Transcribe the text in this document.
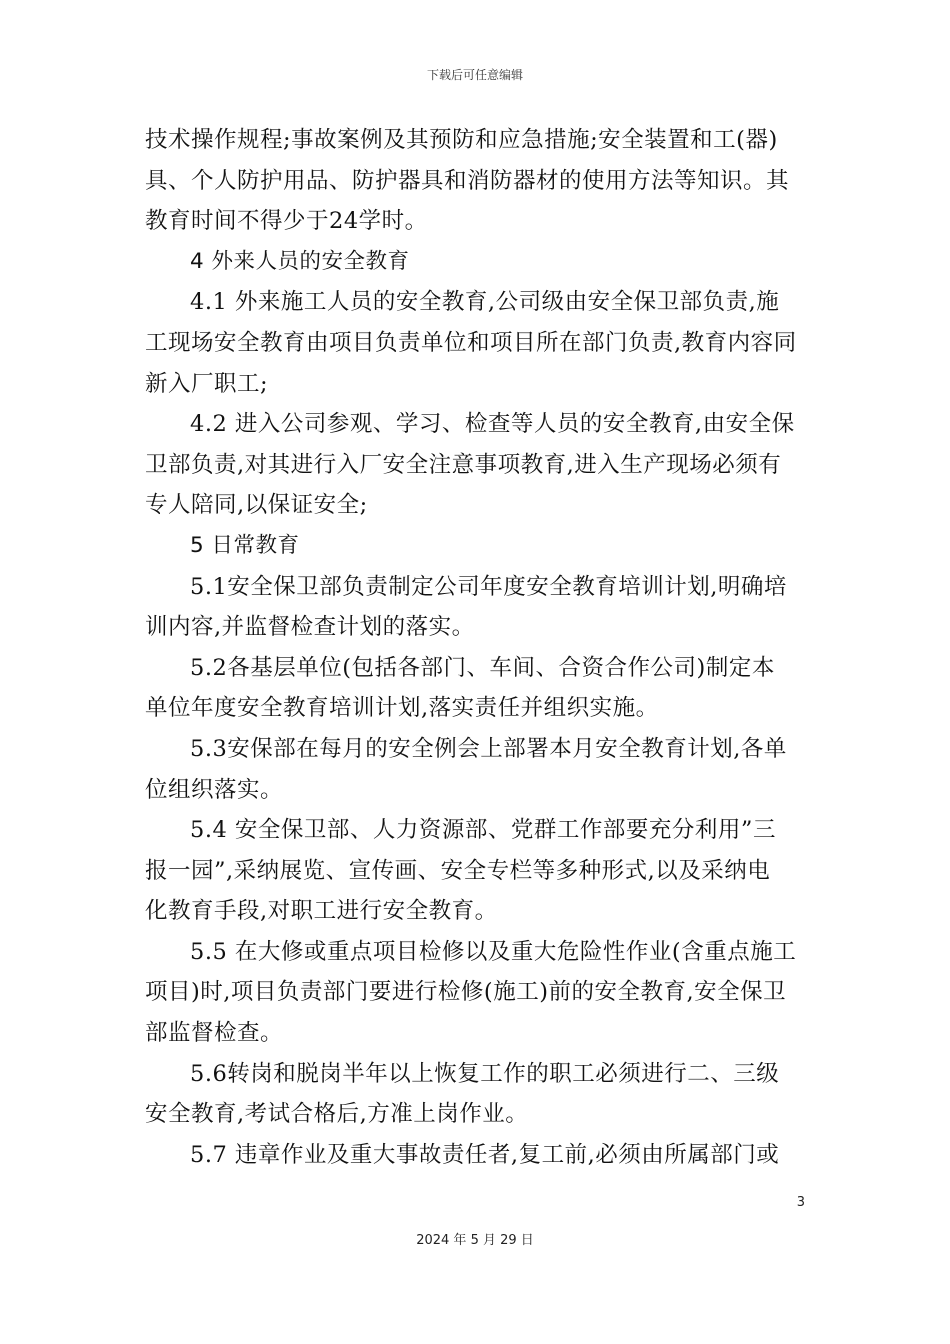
下载后可任意编辑
技术操作规程;事故案例及其预防和应急措施;安全装置和工(器)
具、个人防护用品、防护器具和消防器材的使用方法等知识。其
教育时间不得少于24学时。
4 外来人员的安全教育
4.1 外来施工人员的安全教育,公司级由安全保卫部负责,施
工现场安全教育由项目负责单位和项目所在部门负责,教育内容同
新入厂职工;
4.2 进入公司参观、学习、检查等人员的安全教育,由安全保
卫部负责,对其进行入厂安全注意事项教育,进入生产现场必须有
专人陪同,以保证安全;
5 日常教育
5.1安全保卫部负责制定公司年度安全教育培训计划,明确培
训内容,并监督检查计划的落实。
5.2各基层单位(包括各部门、车间、合资合作公司)制定本
单位年度安全教育培训计划,落实责任并组织实施。
5.3安保部在每月的安全例会上部署本月安全教育计划,各单
位组织落实。
5.4 安全保卫部、人力资源部、党群工作部要充分利用”三
报一园”,采纳展览、宣传画、安全专栏等多种形式,以及采纳电
化教育手段,对职工进行安全教育。
5.5 在大修或重点项目检修以及重大危险性作业(含重点施工
项目)时,项目负责部门要进行检修(施工)前的安全教育,安全保卫
部监督检查。
5.6转岗和脱岗半年以上恢复工作的职工必须进行二、三级
安全教育,考试合格后,方准上岗作业。
5.7 违章作业及重大事故责任者,复工前,必须由所属部门或
3
2024 年 5 月 29 日
